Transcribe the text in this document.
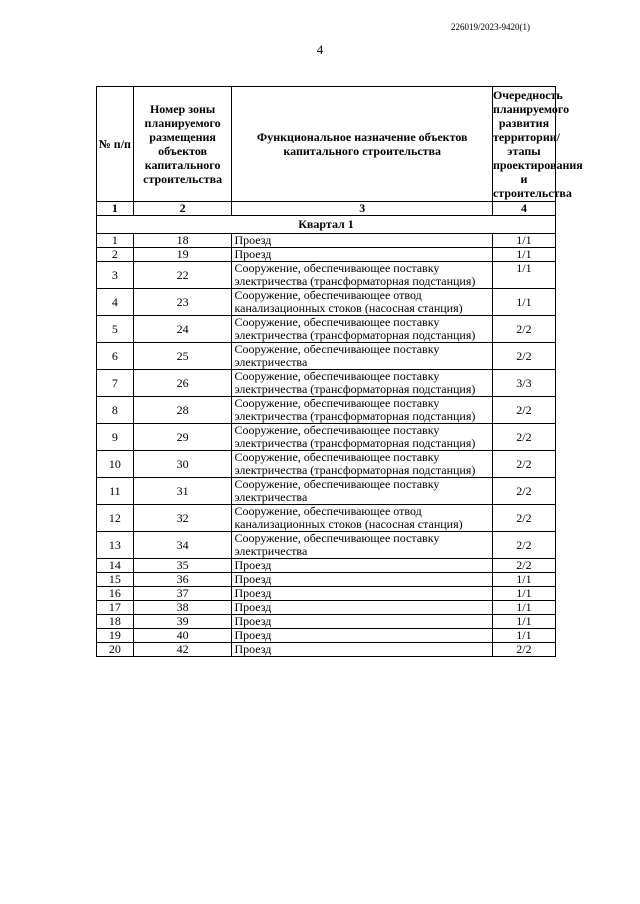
226019/2023-9420(1)
4
№ п/п	Номер зоны планируемого размещения объектов капитального строительства	Функциональное назначение объектов капитального строительства	Очередность планируемого развития территории/ этапы проектирования и строительства
1	2	3	4
Квартал 1			
1	18	Проезд	1/1
2	19	Проезд	1/1
3	22	Сооружение, обеспечивающее поставку электричества (трансформаторная подстанция)	1/1
4	23	Сооружение, обеспечивающее отвод канализационных стоков (насосная станция)	1/1
5	24	Сооружение, обеспечивающее поставку электричества (трансформаторная подстанция)	2/2
6	25	Сооружение, обеспечивающее поставку электричества	2/2
7	26	Сооружение, обеспечивающее поставку электричества (трансформаторная подстанция)	3/3
8	28	Сооружение, обеспечивающее поставку электричества (трансформаторная подстанция)	2/2
9	29	Сооружение, обеспечивающее поставку электричества (трансформаторная подстанция)	2/2
10	30	Сооружение, обеспечивающее поставку электричества (трансформаторная подстанция)	2/2
11	31	Сооружение, обеспечивающее поставку электричества	2/2
12	32	Сооружение, обеспечивающее отвод канализационных стоков (насосная станция)	2/2
13	34	Сооружение, обеспечивающее поставку электричества	2/2
14	35	Проезд	2/2
15	36	Проезд	1/1
16	37	Проезд	1/1
17	38	Проезд	1/1
18	39	Проезд	1/1
19	40	Проезд	1/1
20	42	Проезд	2/2
